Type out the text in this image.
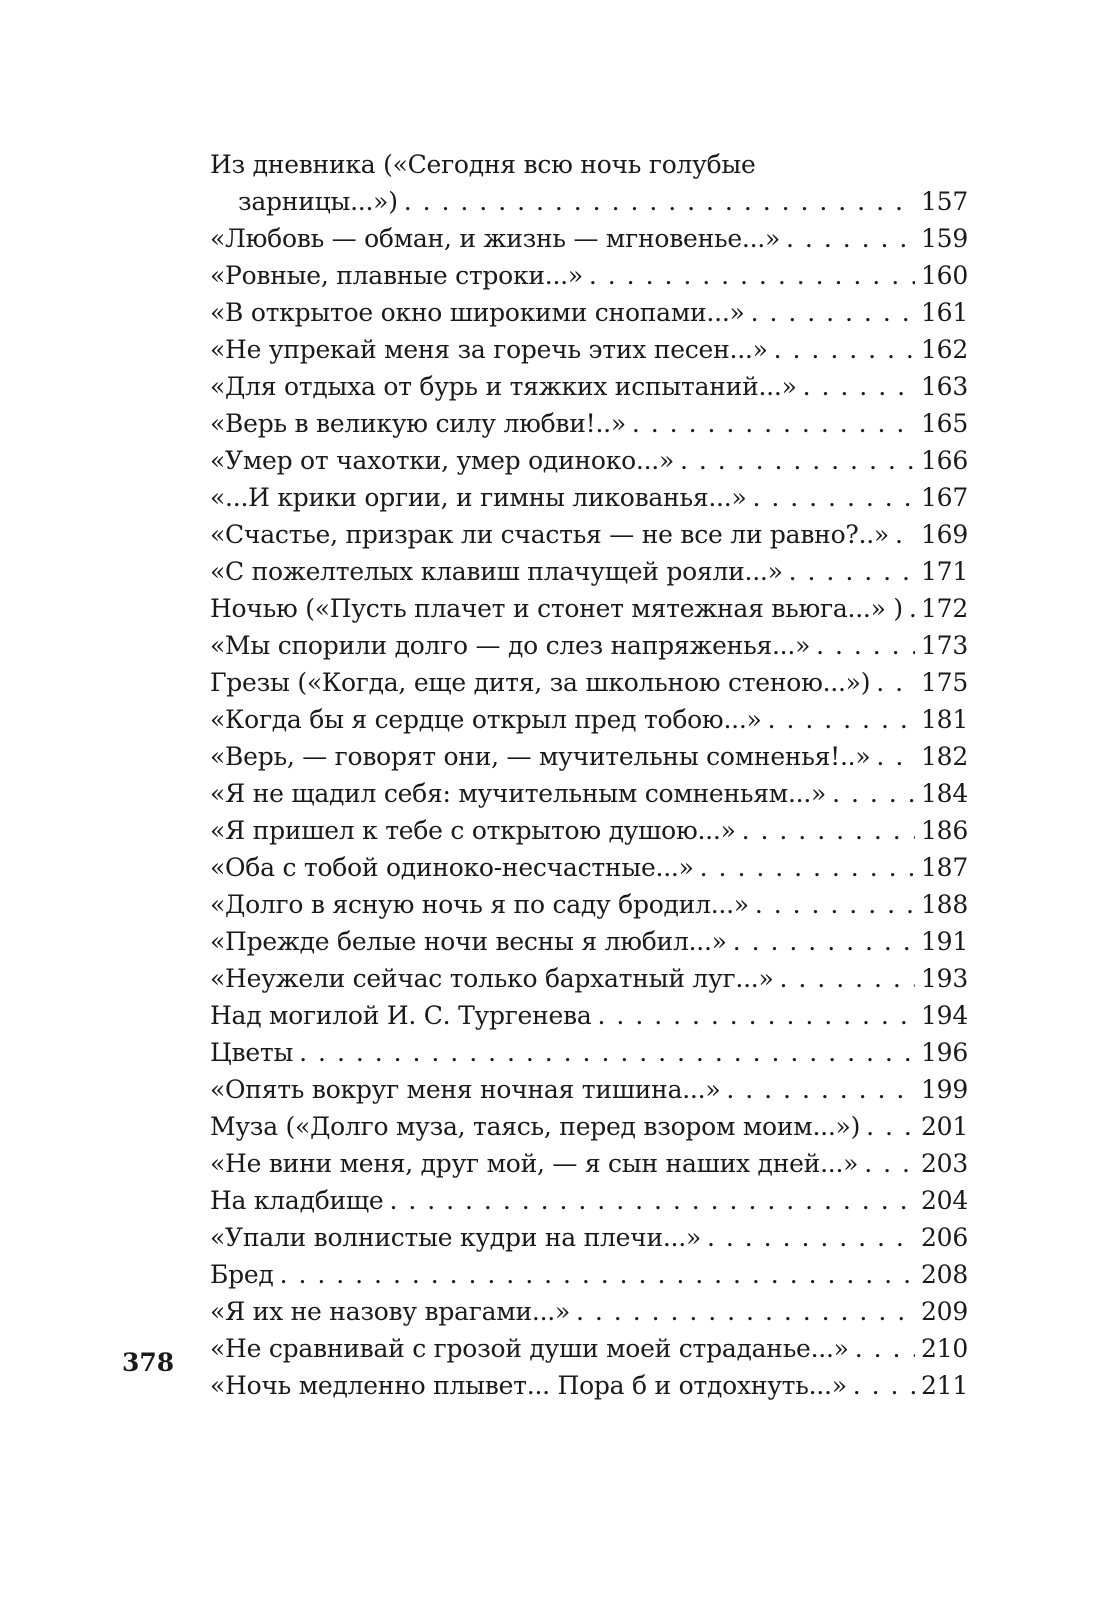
Из дневника («Сегодня всю ночь голубые
зарницы...») . . .	157
«Любовь — обман, и жизнь — мгновенье...» . . .	159
«Ровные, плавные строки...» . . .	160
«В открытое окно широкими снопами...» . . .	161
«Не упрекай меня за горечь этих песен...» . . .	162
«Для отдыха от бурь и тяжких испытаний...» . . .	163
«Верь в великую силу любви!..» . . .	165
«Умер от чахотки, умер одиноко...» . . .	166
«...И крики оргии, и гимны ликованья...» . . .	167
«Счастье, призрак ли счастья — не все ли равно?..» . . . 169
«С пожелтелых клавиш плачущей рояли...» . . .	171
Ночью («Пусть плачет и стонет мятежная вьюга...» ) . . . 172
«Мы спорили долго — до слез напряженья...» . . .	173
Грезы («Когда, еще дитя, за школьною стеною...») . . . 175
«Когда бы я сердце открыл пред тобою...» . . .	181
«Верь, — говорят они, — мучительны сомненья!..» . . . 182
«Я не щадил себя: мучительным сомненьям...» . . .	184
«Я пришел к тебе с открытою душою...» . . .	186
«Оба с тобой одиноко-несчастные...» . . .	187
«Долго в ясную ночь я по саду бродил...» . . .	188
«Прежде белые ночи весны я любил...» . . .	191
«Неужели сейчас только бархатный луг...» . . .	193
Над могилой И. С. Тургенева . . .	194
Цветы . . .	196
«Опять вокруг меня ночная тишина...» . . .	199
Муза («Долго муза, таясь, перед взором моим...») . . . 201
«Не вини меня, друг мой, — я сын наших дней...» . . .	203
На кладбище . . .	204
«Упали волнистые кудри на плечи...» . . .	206
Бред . . .	208
«Я их не назову врагами...» . . .	209
«Не сравнивай с грозой души моей страданье...» . . .	210
«Ночь медленно плывет... Пора б и отдохнуть...» . . .	211
378
